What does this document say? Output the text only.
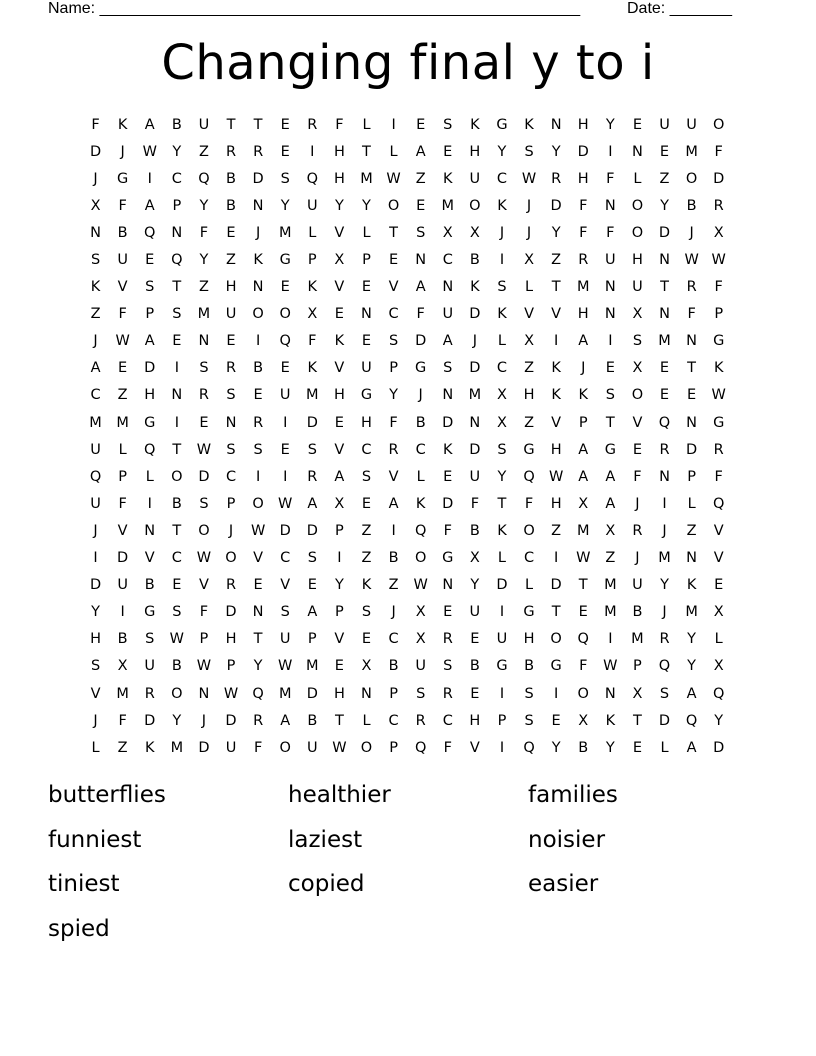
Name: ______________________________________________________	Date: _______
Changing final y to i
F	K	A	B	U	T	T	E	R	F	L	I	E	S	K	G	K	N	H	Y	E	U	U	O
D	J	W	Y	Z	R	R	E	I	H	T	L	A	E	H	Y	S	Y	D	I	N	E	M	F
J	G	I	C	Q	B	D	S	Q	H	M W	Z	K	U	C	W	R	H	F	L	Z	O	D
X	F	A	P	Y	B	N	Y	U	Y	Y	O	E	M	O	K	J	D	F	N	O	Y	B	R
N	B	Q	N	F	E	J	M	L	V	L	T	S	X	X	J	J	Y	F	F	O	D	J	X
S	U	E	Q	Y	Z	K	G	P	X	P	E	N	C	B	I	X	Z	R	U	H	N	W W
K	V	S	T	Z	H	N	E	K	V	E	V	A	N	K	S	L	T	M	N	U	T	R	F
Z	F	P	S	M	U	O	O	X	E	N	C	F	U	D	K	V	V	H	N	X	N	F	P
J	W	A	E	N	E	I	Q	F	K	E	S	D	A	J	L	X	I	A	I	S	M	N	G
A	E	D	I	S	R	B	E	K	V	U	P	G	S	D	C	Z	K	J	E	X	E	T	K
C	Z	H	N	R	S	E	U	M	H	G	Y	J	N	M	X	H	K	K	S	O	E	E	W
M	M	G	I	E	N	R	I	D	E	H	F	B	D	N	X	Z	V	P	T	V	Q	N	G
U	L	Q	T	W	S	S	E	S	V	C	R	C	K	D	S	G	H	A	G	E	R	D	R
Q	P	L	O	D	C	I	I	R	A	S	V	L	E	U	Y	Q W	A	A	F	N	P	F
U	F	I	B	S	P	O W	A	X	E	A	K	D	F	T	F	H	X	A	J	I	L	Q
J	V	N	T	O	J	W D	D	P	Z	I	Q	F	B	K	O	Z	M	X	R	J	Z	V
I	D	V	C	W O	V	C	S	I	Z	B	O	G	X	L	C	I	W	Z	J	M	N	V
D	U	B	E	V	R	E	V	E	Y	K	Z	W N	Y	D	L	D	T	M	U	Y	K	E
Y	I	G	S	F	D	N	S	A	P	S	J	X	E	U	I	G	T	E	M	B	J	M	X
H	B	S	W	P	H	T	U	P	V	E	C	X	R	E	U	H	O	Q	I	M	R	Y	L
S	X	U	B	W	P	Y	W M	E	X	B	U	S	B	G	B	G	F	W	P	Q	Y	X
V	M	R	O	N	W Q	M	D	H	N	P	S	R	E	I	S	I	O	N	X	S	A	Q
J	F	D	Y	J	D	R	A	B	T	L	C	R	C	H	P	S	E	X	K	T	D	Q	Y
L	Z	K	M	D	U	F	O	U	W O	P	Q	F	V	I	Q	Y	B	Y	E	L	A	D
butterflies	healthier	families
funniest	laziest	noisier
tiniest	copied	easier
spied
